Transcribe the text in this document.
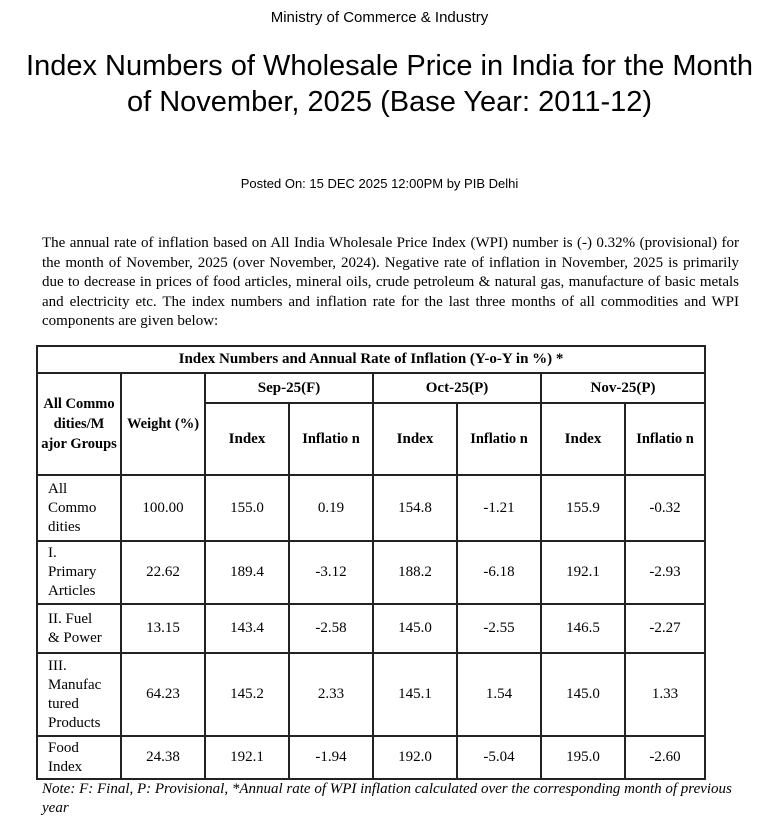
Ministry of Commerce & Industry
Index Numbers of Wholesale Price in India for the Month of November, 2025 (Base Year: 2011-12)
Posted On: 15 DEC 2025 12:00PM by PIB Delhi
The annual rate of inflation based on All India Wholesale Price Index (WPI) number is (-) 0.32% (provisional) for the month of November, 2025 (over November, 2024). Negative rate of inflation in November, 2025 is primarily due to decrease in prices of food articles, mineral oils, crude petroleum & natural gas, manufacture of basic metals and electricity etc. The index numbers and inflation rate for the last three months of all commodities and WPI components are given below:
Index Numbers and Annual Rate of Inflation (Y-o-Y in %) *							
All Commo dities/M ajor Groups	Weight (%)	Sep-25(F)		Oct-25(P)		Nov-25(P)	
		Index	Inflatio n	Index	Inflatio n	Index	Inflatio n
All Commo dities	100.00	155.0	0.19	154.8	-1.21	155.9	-0.32
I. Primary Articles	22.62	189.4	-3.12	188.2	-6.18	192.1	-2.93
II. Fuel & Power	13.15	143.4	-2.58	145.0	-2.55	146.5	-2.27
III. Manufac tured Products	64.23	145.2	2.33	145.1	1.54	145.0	1.33
Food Index	24.38	192.1	-1.94	192.0	-5.04	195.0	-2.60
Note: F: Final, P: Provisional, *Annual rate of WPI inflation calculated over the corresponding month of previous year
